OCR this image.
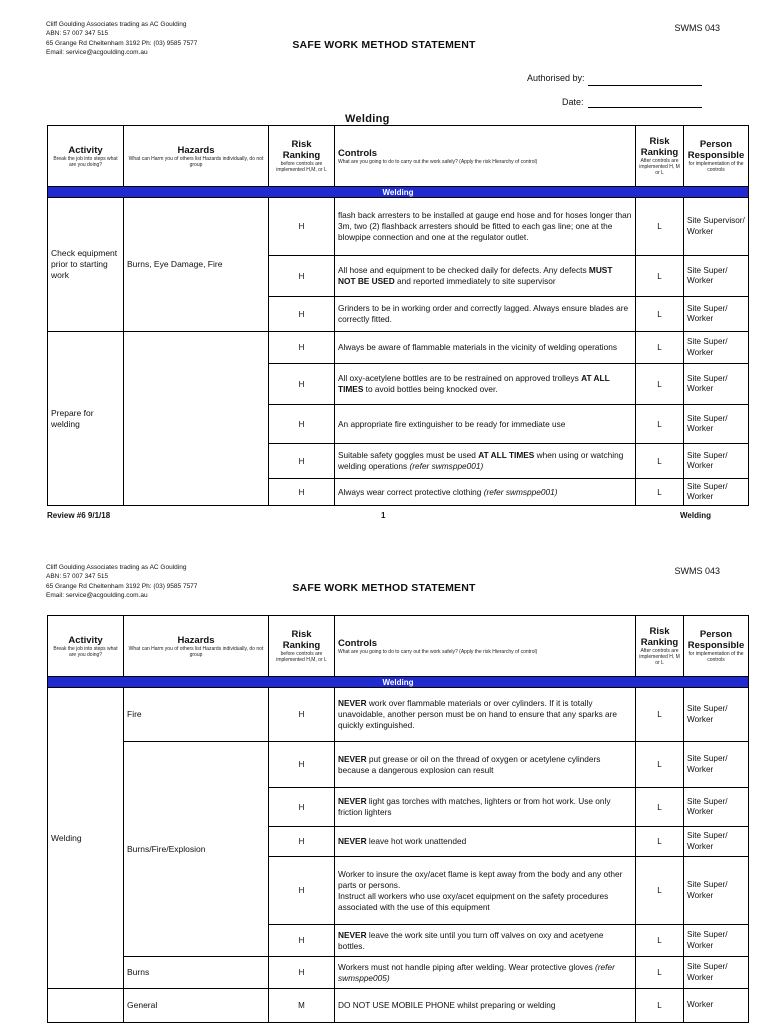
Cliff Goulding Associates trading as AC Goulding
ABN: 57 007 347 515
65 Grange Rd Cheltenham 3192 Ph: (03) 9585 7577
Email: service@acgoulding.com.au
SWMS 043
SAFE WORK METHOD STATEMENT
Authorised by:
Date:
Welding
Activity
Break the job into steps what are you doing?	Hazards
What can Harm you of others list Hazards individually, do not group	Risk Ranking
before controls are implemented H,M, or L	Controls
What are you going to do to carry out the work safely? (Apply the risk Hierarchy of control)	Risk Ranking
After controls are implemented H, M or L	Person Responsible
for implementation of the controls

Welding					
Check equipment prior to starting work	Burns, Eye Damage, Fire	H	flash back arresters to be installed at gauge end hose and for hoses longer than 3m, two (2) flashback arresters should be fitted to each gas line; one at the blowpipe connection and one at the regulator outlet.	L	Site Supervisor/ Worker
		H	All hose and equipment to be checked daily for defects. Any defects MUST NOT BE USED and reported immediately to site supervisor	L	Site Super/ Worker
		H	Grinders to be in working order and correctly lagged. Always ensure blades are correctly fitted.	L	Site Super/ Worker
Prepare for welding		H	Always be aware of flammable materials in the vicinity of welding operations	L	Site Super/ Worker
		H	All oxy-acetylene bottles are to be restrained on approved trolleys AT ALL TIMES to avoid bottles being knocked over.	L	Site Super/ Worker
		H	An appropriate fire extinguisher to be ready for immediate use	L	Site Super/ Worker
		H	Suitable safety goggles must be used AT ALL TIMES when using or watching welding operations (refer swmsppe001)	L	Site Super/ Worker
		H	Always wear correct protective clothing (refer swmsppe001)	L	Site Super/ Worker
Review #6 9/1/18	1	Welding
Cliff Goulding Associates trading as AC Goulding
ABN: 57 007 347 515
65 Grange Rd Cheltenham 3192 Ph: (03) 9585 7577
Email: service@acgoulding.com.au
SWMS 043
SAFE WORK METHOD STATEMENT
Activity
Break the job into steps what are you doing?	Hazards
What can Harm you of others list Hazards individually, do not group	Risk Ranking
before controls are implemented H,M, or L	Controls
What are you going to do to carry out the work safely? (Apply the risk Hierarchy of control)	Risk Ranking
After controls are implemented H, M or L	Person Responsible
for implementation of the controls

Welding					
Welding	Fire	H	NEVER work over flammable materials or over cylinders. If it is totally unavoidable, another person must be on hand to ensure that any sparks are quickly extinguished.	L	Site Super/ Worker
	Burns/Fire/Explosion	H	NEVER put grease or oil on the thread of oxygen or acetylene cylinders because a dangerous explosion can result	L	Site Super/ Worker
		H	NEVER light gas torches with matches, lighters or from hot work. Use only friction lighters	L	Site Super/ Worker
		H	NEVER leave hot work unattended	L	Site Super/ Worker
		H	Worker to insure the oxy/acet flame is kept away from the body and any other parts or persons.
Instruct all workers who use oxy/acet equipment on the safety procedures associated with the use of this equipment	L	Site Super/ Worker
		H	NEVER leave the work site until you turn off valves on oxy and acetyene bottles.	L	Site Super/ Worker
	Burns	H	Workers must not handle piping after welding. Wear protective gloves (refer swmsppe005)	L	Site Super/ Worker
	General	M	DO NOT USE MOBILE PHONE whilst preparing or welding	L	Worker
